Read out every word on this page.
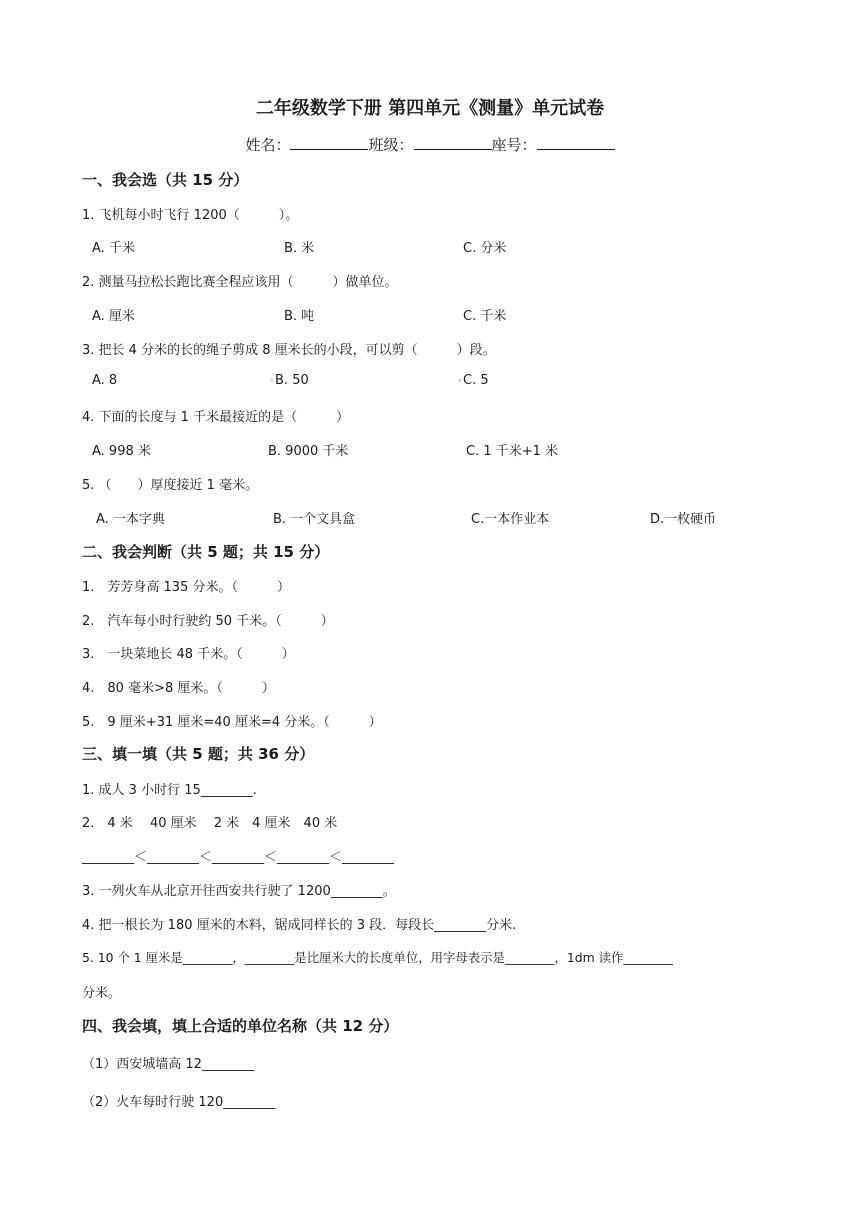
二年级数学下册 第四单元《测量》单元试卷
姓名：	班级：	座号：
一、我会选（共 15 分）
1. 飞机每小时飞行 1200（　　　）。
A. 千米	B. 米	C. 分米
2. 测量马拉松长跑比赛全程应该用（　　　）做单位。
A. 厘米	B. 吨	C. 千米
3. 把长 4 分米的长的绳子剪成 8 厘米长的小段，可以剪（　　　）段。
A. 8	∘B. 50	∘C. 5
4. 下面的长度与 1 千米最接近的是（　　　）
A. 998 米	B. 9000 千米	C. 1 千米+1 米
5. （　　）厚度接近 1 毫米。
A. 一本字典	B. 一个文具盒	C.一本作业本	D.一枚硬币
二、我会判断（共 5 题；共 15 分）
1.　芳芳身高 135 分米。（　　　）
2.　汽车每小时行驶约 50 千米。（　　　）
3.　一块菜地长 48 千米。（　　　）
4.　80 毫米>8 厘米。（　　　）
5.　9 厘米+31 厘米=40 厘米=4 分米。（　　　）
三、填一填（共 5 题；共 36 分）
1. 成人 3 小时行 15________.
2.　4 米　 40 厘米　 2 米　4 厘米　40 米
________＜________＜________＜________＜________
3. 一列火车从北京开往西安共行驶了 1200________。
4. 把一根长为 180 厘米的木料，锯成同样长的 3 段．每段长________分米.
5. 10 个 1 厘米是________，________是比厘米大的长度单位，用字母表示是________，1dm 读作________
分米。
四、我会填，填上合适的单位名称（共 12 分）
（1）西安城墙高 12________
（2）火车每时行驶 120________
